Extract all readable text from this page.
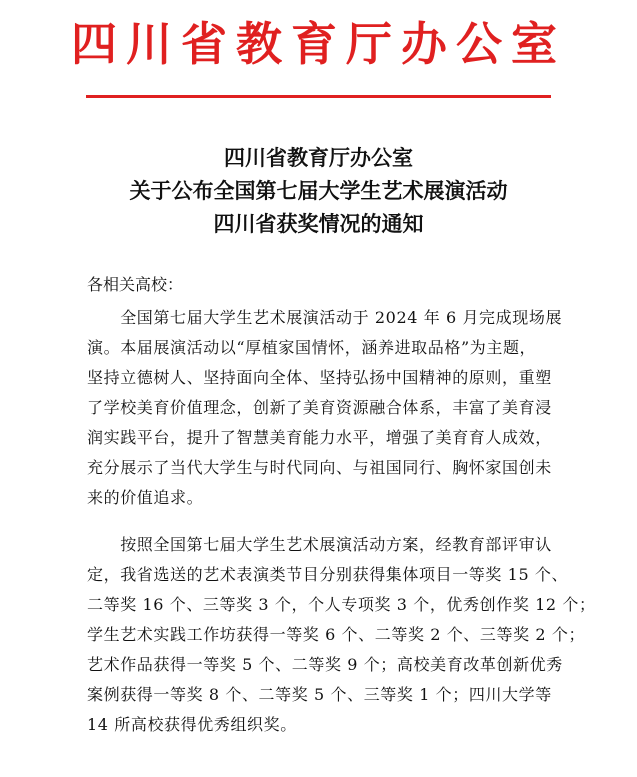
四川省教育厅办公室
四川省教育厅办公室
关于公布全国第七届大学生艺术展演活动
四川省获奖情况的通知
各相关高校：
　　全国第七届大学生艺术展演活动于 2024 年 6 月完成现场展
演。本届展演活动以“厚植家国情怀，涵养进取品格”为主题，
坚持立德树人、坚持面向全体、坚持弘扬中国精神的原则，重塑
了学校美育价值理念，创新了美育资源融合体系，丰富了美育浸
润实践平台，提升了智慧美育能力水平，增强了美育育人成效，
充分展示了当代大学生与时代同向、与祖国同行、胸怀家国创未
来的价值追求。
　　按照全国第七届大学生艺术展演活动方案，经教育部评审认
定，我省选送的艺术表演类节目分别获得集体项目一等奖 15 个、
二等奖 16 个、三等奖 3 个，个人专项奖 3 个，优秀创作奖 12 个；
学生艺术实践工作坊获得一等奖 6 个、二等奖 2 个、三等奖 2 个；
艺术作品获得一等奖 5 个、二等奖 9 个；高校美育改革创新优秀
案例获得一等奖 8 个、二等奖 5 个、三等奖 1 个；四川大学等
14 所高校获得优秀组织奖。
